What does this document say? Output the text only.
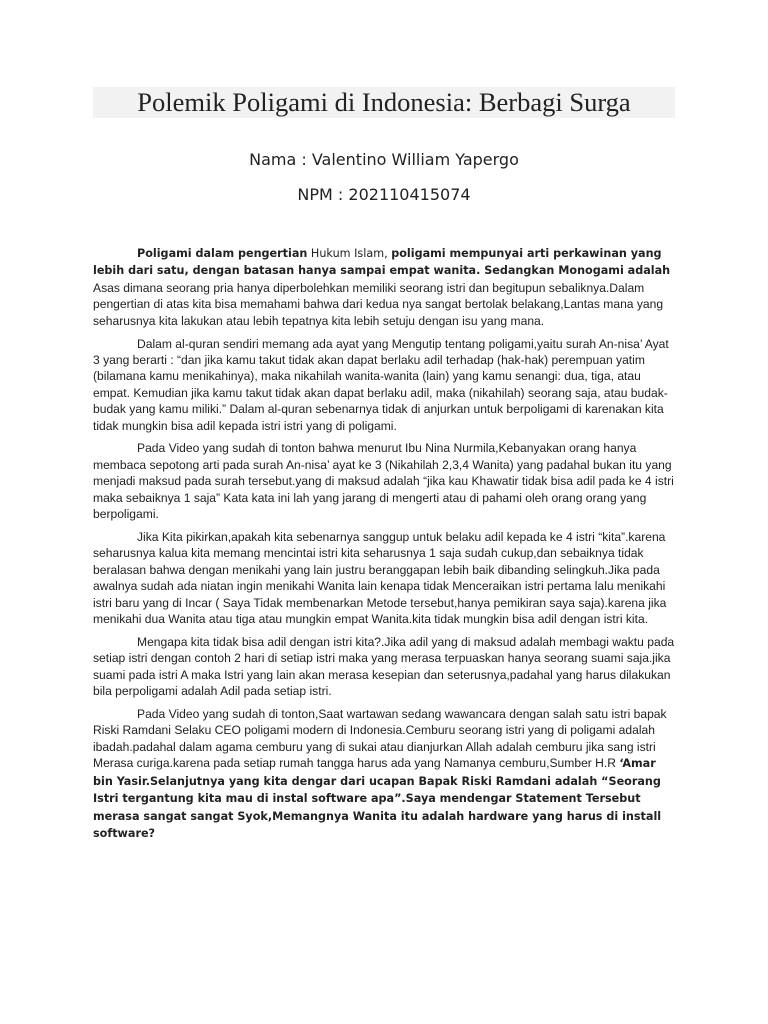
Polemik Poligami di Indonesia: Berbagi Surga
Nama : Valentino William Yapergo
NPM : 202110415074

Poligami dalam pengertian Hukum Islam, poligami mempunyai arti perkawinan yang lebih dari satu, dengan batasan hanya sampai empat wanita. Sedangkan Monogami adalah Asas dimana seorang pria hanya diperbolehkan memiliki seorang istri dan begitupun sebaliknya.Dalam pengertian di atas kita bisa memahami bahwa dari kedua nya sangat bertolak belakang,Lantas mana yang seharusnya kita lakukan atau lebih tepatnya kita lebih setuju dengan isu yang mana.

Dalam al-quran sendiri memang ada ayat yang Mengutip tentang poligami,yaitu surah An-nisa’ Ayat 3 yang berarti : “dan jika kamu takut tidak akan dapat berlaku adil terhadap (hak-hak) perempuan yatim (bilamana kamu menikahinya), maka nikahilah wanita-wanita (lain) yang kamu senangi: dua, tiga, atau empat. Kemudian jika kamu takut tidak akan dapat berlaku adil, maka (nikahilah) seorang saja, atau budak-budak yang kamu miliki.” Dalam al-quran sebenarnya tidak di anjurkan untuk berpoligami di karenakan kita tidak mungkin bisa adil kepada istri istri yang di poligami.

Pada Video yang sudah di tonton bahwa menurut Ibu Nina Nurmila,Kebanyakan orang hanya membaca sepotong arti pada surah An-nisa’ ayat ke 3 (Nikahilah 2,3,4 Wanita) yang padahal bukan itu yang menjadi maksud pada surah tersebut.yang di maksud adalah “jika kau Khawatir tidak bisa adil pada ke 4 istri maka sebaiknya 1 saja” Kata kata ini lah yang jarang di mengerti atau di pahami oleh orang orang yang berpoligami.

Jika Kita pikirkan,apakah kita sebenarnya sanggup untuk belaku adil kepada ke 4 istri “kita”.karena seharusnya kalua kita memang mencintai istri kita seharusnya 1 saja sudah cukup,dan sebaiknya tidak beralasan bahwa dengan menikahi yang lain justru beranggapan lebih baik dibanding selingkuh.Jika pada awalnya sudah ada niatan ingin menikahi Wanita lain kenapa tidak Menceraikan istri pertama lalu menikahi istri baru yang di Incar ( Saya Tidak membenarkan Metode tersebut,hanya pemikiran saya saja).karena jika menikahi dua Wanita atau tiga atau mungkin empat Wanita.kita tidak mungkin bisa adil dengan istri kita.

Mengapa kita tidak bisa adil dengan istri kita?.Jika adil yang di maksud adalah membagi waktu pada setiap istri dengan contoh 2 hari di setiap istri maka yang merasa terpuaskan hanya seorang suami saja.jika suami pada istri A maka Istri yang lain akan merasa kesepian dan seterusnya,padahal yang harus dilakukan bila perpoligami adalah Adil pada setiap istri.

Pada Video yang sudah di tonton,Saat wartawan sedang wawancara dengan salah satu istri bapak Riski Ramdani Selaku CEO poligami modern di Indonesia.Cemburu seorang istri yang di poligami adalah ibadah.padahal dalam agama cemburu yang di sukai atau dianjurkan Allah adalah cemburu jika sang istri Merasa curiga.karena pada setiap rumah tangga harus ada yang Namanya cemburu,Sumber H.R ‘Amar bin Yasir.Selanjutnya yang kita dengar dari ucapan Bapak Riski Ramdani adalah “Seorang Istri tergantung kita mau di instal software apa”.Saya mendengar Statement Tersebut merasa sangat sangat Syok,Memangnya Wanita itu adalah hardware yang harus di install software?
